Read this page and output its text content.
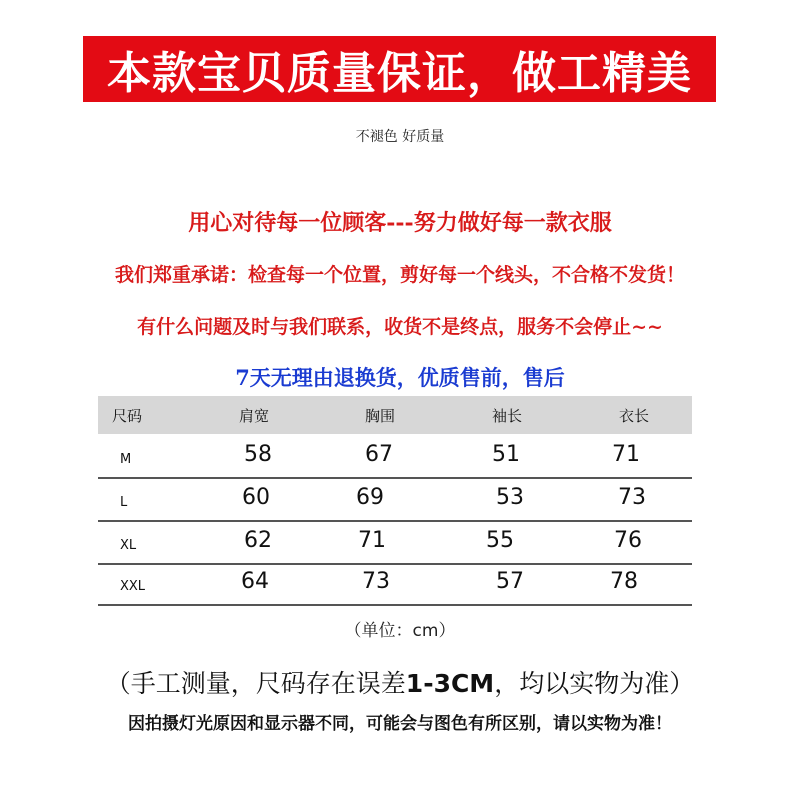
本款宝贝质量保证，做工精美
不褪色 好质量
用心对待每一位顾客---努力做好每一款衣服
我们郑重承诺：检查每一个位置，剪好每一个线头，不合格不发货！
有什么问题及时与我们联系，收货不是终点，服务不会停止~~
7天无理由退换货，优质售前，售后
尺码	肩宽	胸围	袖长	衣长
M	58	67	51	71
L	60	69	53	73
XL	62	71	55	76
XXL	64	73	57	78
（单位：cm）
（手工测量，尺码存在误差1-3CM，均以实物为准）
因拍摄灯光原因和显示器不同，可能会与图色有所区别，请以实物为准！
